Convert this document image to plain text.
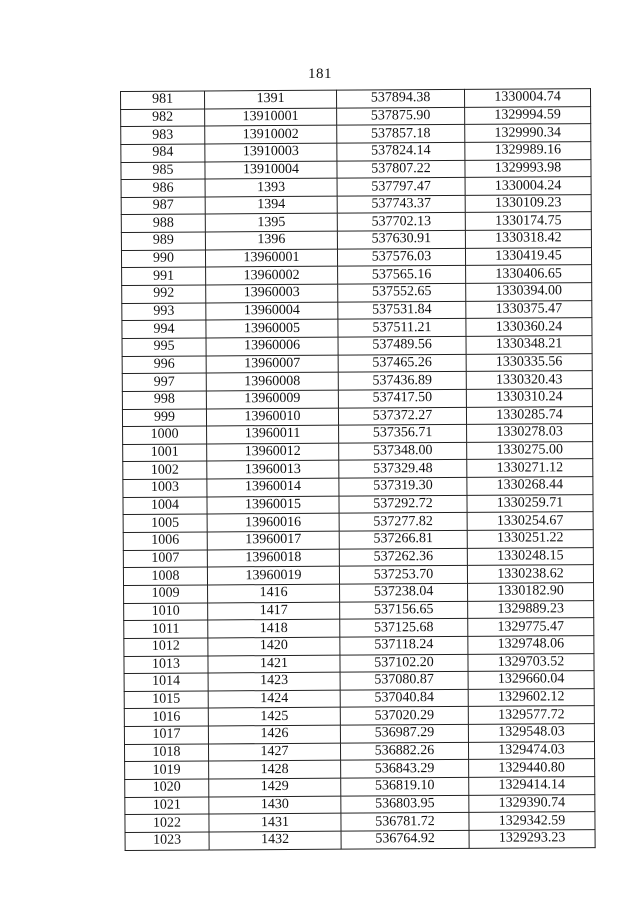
181
981	1391	537894.38	1330004.74
982	13910001	537875.90	1329994.59
983	13910002	537857.18	1329990.34
984	13910003	537824.14	1329989.16
985	13910004	537807.22	1329993.98
986	1393	537797.47	1330004.24
987	1394	537743.37	1330109.23
988	1395	537702.13	1330174.75
989	1396	537630.91	1330318.42
990	13960001	537576.03	1330419.45
991	13960002	537565.16	1330406.65
992	13960003	537552.65	1330394.00
993	13960004	537531.84	1330375.47
994	13960005	537511.21	1330360.24
995	13960006	537489.56	1330348.21
996	13960007	537465.26	1330335.56
997	13960008	537436.89	1330320.43
998	13960009	537417.50	1330310.24
999	13960010	537372.27	1330285.74
1000	13960011	537356.71	1330278.03
1001	13960012	537348.00	1330275.00
1002	13960013	537329.48	1330271.12
1003	13960014	537319.30	1330268.44
1004	13960015	537292.72	1330259.71
1005	13960016	537277.82	1330254.67
1006	13960017	537266.81	1330251.22
1007	13960018	537262.36	1330248.15
1008	13960019	537253.70	1330238.62
1009	1416	537238.04	1330182.90
1010	1417	537156.65	1329889.23
1011	1418	537125.68	1329775.47
1012	1420	537118.24	1329748.06
1013	1421	537102.20	1329703.52
1014	1423	537080.87	1329660.04
1015	1424	537040.84	1329602.12
1016	1425	537020.29	1329577.72
1017	1426	536987.29	1329548.03
1018	1427	536882.26	1329474.03
1019	1428	536843.29	1329440.80
1020	1429	536819.10	1329414.14
1021	1430	536803.95	1329390.74
1022	1431	536781.72	1329342.59
1023	1432	536764.92	1329293.23
